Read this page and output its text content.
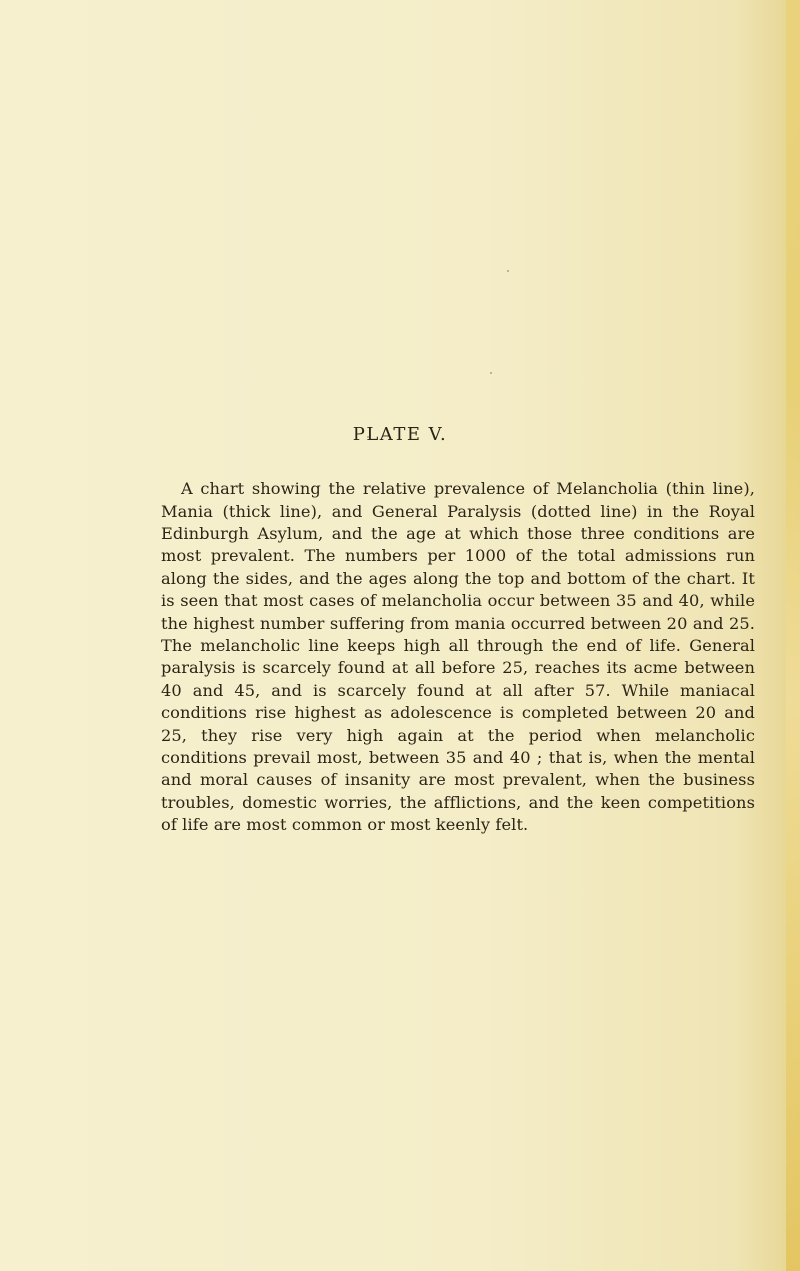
PLATE V.

A chart showing the relative prevalence of Melancholia (thin line), Mania (thick line), and General Paralysis (dotted line) in the Royal Edinburgh Asylum, and the age at which those three conditions are most prevalent. The numbers per 1000 of the total admissions run along the sides, and the ages along the top and bottom of the chart. It is seen that most cases of melancholia occur between 35 and 40, while the highest number suffering from mania occurred between 20 and 25. The melancholic line keeps high all through the end of life. General paralysis is scarcely found at all before 25, reaches its acme between 40 and 45, and is scarcely found at all after 57. While maniacal conditions rise highest as adolescence is completed between 20 and 25, they rise very high again at the period when melancholic conditions prevail most, between 35 and 40 ; that is, when the mental and moral causes of insanity are most prevalent, when the business troubles, domestic worries, the afflictions, and the keen competitions of life are most common or most keenly felt.
